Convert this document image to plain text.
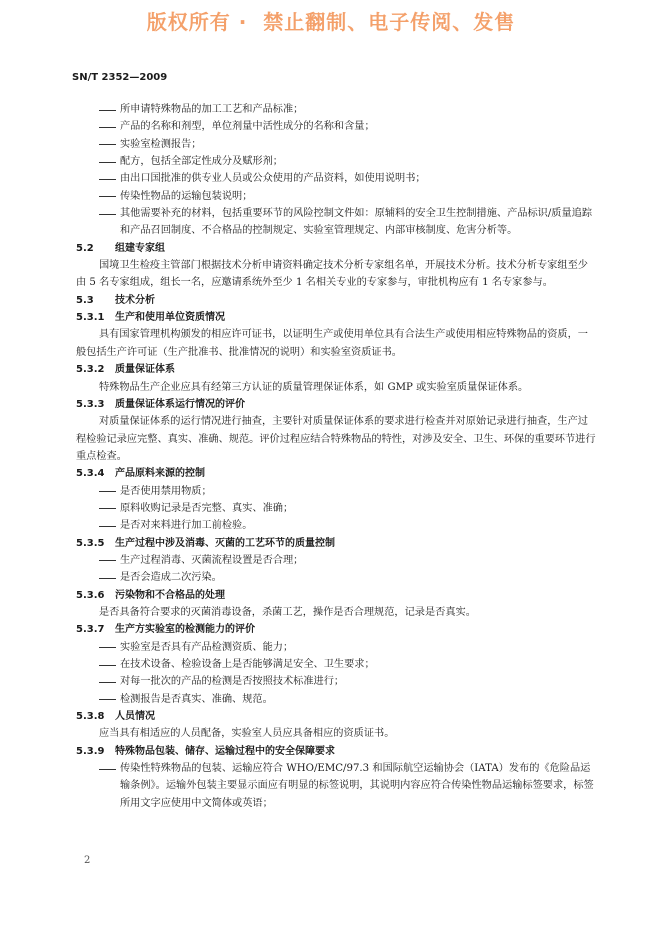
版权所有 ·  禁止翻制、电子传阅、发售
SN/T 2352—2009
所申请特殊物品的加工工艺和产品标准；
产品的名称和剂型，单位剂量中活性成分的名称和含量；
实验室检测报告；
配方，包括全部定性成分及赋形剂；
由出口国批准的供专业人员或公众使用的产品资料，如使用说明书；
传染性物品的运输包装说明；
其他需要补充的材料，包括重要环节的风险控制文件如：原辅料的安全卫生控制措施、产品标识/质量追踪和产品召回制度、不合格品的控制规定、实验室管理规定、内部审核制度、危害分析等。
5.2 组建专家组
国境卫生检疫主管部门根据技术分析申请资料确定技术分析专家组名单，开展技术分析。技术分析专家组至少由 5 名专家组成，组长一名，应邀请系统外至少 1 名相关专业的专家参与，审批机构应有 1 名专家参与。
5.3 技术分析
5.3.1 生产和使用单位资质情况
具有国家管理机构颁发的相应许可证书，以证明生产或使用单位具有合法生产或使用相应特殊物品的资质，一般包括生产许可证（生产批准书、批准情况的说明）和实验室资质证书。
5.3.2 质量保证体系
特殊物品生产企业应具有经第三方认证的质量管理保证体系，如 GMP 或实验室质量保证体系。
5.3.3 质量保证体系运行情况的评价
对质量保证体系的运行情况进行抽查，主要针对质量保证体系的要求进行检查并对原始记录进行抽查，生产过程检验记录应完整、真实、准确、规范。评价过程应结合特殊物品的特性，对涉及安全、卫生、环保的重要环节进行重点检查。
5.3.4 产品原料来源的控制
是否使用禁用物质；
原料收购记录是否完整、真实、准确；
是否对来料进行加工前检验。
5.3.5 生产过程中涉及消毒、灭菌的工艺环节的质量控制
生产过程消毒、灭菌流程设置是否合理；
是否会造成二次污染。
5.3.6 污染物和不合格品的处理
是否具备符合要求的灭菌消毒设备，杀菌工艺，操作是否合理规范，记录是否真实。
5.3.7 生产方实验室的检测能力的评价
实验室是否具有产品检测资质、能力；
在技术设备、检验设备上是否能够满足安全、卫生要求；
对每一批次的产品的检测是否按照技术标准进行；
检测报告是否真实、准确、规范。
5.3.8 人员情况
应当具有相适应的人员配备，实验室人员应具备相应的资质证书。
5.3.9 特殊物品包装、储存、运输过程中的安全保障要求
传染性特殊物品的包装、运输应符合 WHO/EMC/97.3 和国际航空运输协会（IATA）发布的《危险品运输条例》。运输外包装主要显示面应有明显的标签说明，其说明内容应符合传染性物品运输标签要求，标签所用文字应使用中文简体或英语；
2
